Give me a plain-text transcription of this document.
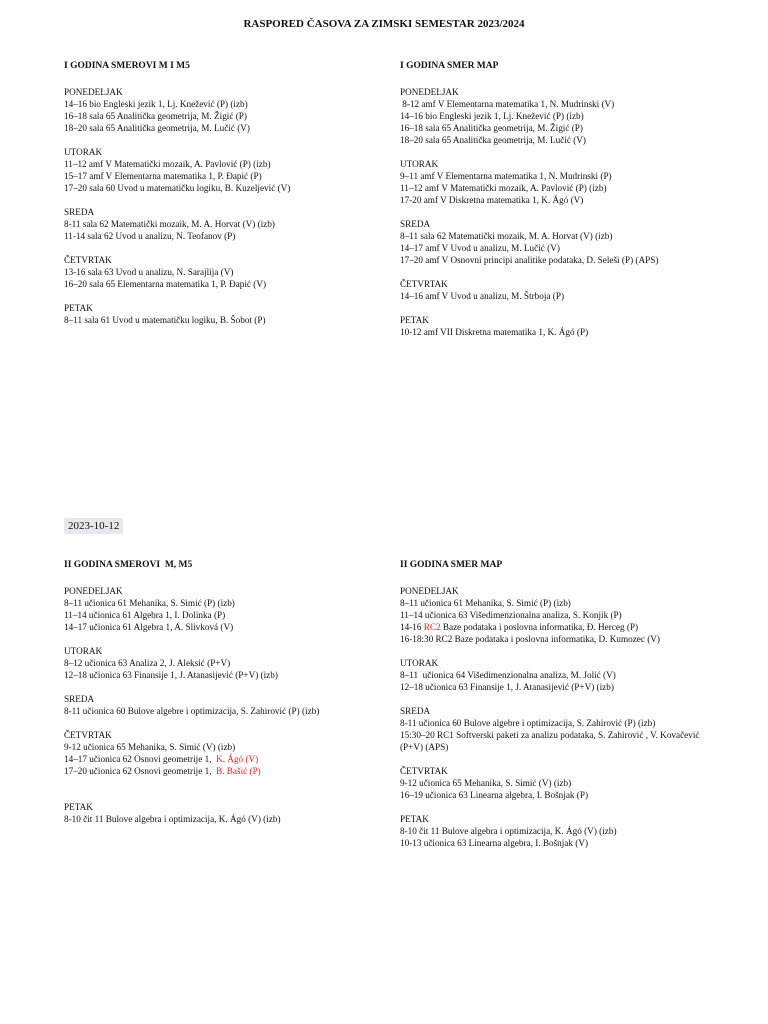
RASPORED ČASOVA ZA ZIMSKI SEMESTAR 2023/2024
I GODINA SMEROVI M I M5
PONEDELJAK
14–16 bio Engleski jezik 1, Lj. Knežević (P) (izb)
16–18 sala 65 Analitička geometrija, M. Žigić (P)
18–20 sala 65 Analitička geometrija, M. Lučić (V)
UTORAK
11–12 amf V Matematički mozaik, A. Pavlović (P) (izb)
15–17 amf V Elementarna matematika 1, P. Đapić (P)
17–20 sala 60 Uvod u matematičku logiku, B. Kuzeljević (V)
SREDA
8-11 sala 62 Matematički mozaik, M. A. Horvat (V) (izb)
11-14 sala 62 Uvod u analizu, N. Teofanov (P)
ČETVRTAK
13-16 sala 63 Uvod u analizu, N. Sarajlija (V)
16–20 sala 65 Elementarna matematika 1, P. Đapić (V)
PETAK
8–11 sala 61 Uvod u matematičku logiku, B. Šobot (P)
I GODINA SMER MAP
PONEDELJAK
8-12 amf V Elementarna matematika 1, N. Mudrinski (V)
14–16 bio Engleski jezik 1, Lj. Knežević (P) (izb)
16–18 sala 65 Analitička geometrija, M. Žigić (P)
18–20 sala 65 Analitička geometrija, M. Lučić (V)
UTORAK
9–11 amf V Elementarna matematika 1, N. Mudrinski (P)
11–12 amf V Matematički mozaik, A. Pavlović (P) (izb)
17-20 amf V Diskretna matematika 1, K. Ágó (V)
SREDA
8–11 sala 62 Matematički mozaik, M. A. Horvat (V) (izb)
14–17 amf V Uvod u analizu, M. Lučić (V)
17–20 amf V Osnovni principi analitike podataka, D. Seleši (P) (APS)
ČETVRTAK
14–16 amf V Uvod u analizu, M. Štrboja (P)
PETAK
10-12 amf VII Diskretna matematika 1, K. Ágó (P)
2023-10-12
II GODINA SMEROVI  M, M5
PONEDELJAK
8–11 učionica 61 Mehanika, S. Simić (P) (izb)
11–14 učionica 61 Algebra 1, I. Dolinka (P)
14–17 učionica 61 Algebra 1, A. Slivková (V)
UTORAK
8–12 učionica 63 Analiza 2, J. Aleksić (P+V)
12–18 učionica 63 Finansije 1, J. Atanasijević (P+V) (izb)
SREDA
8-11 učionica 60 Bulove algebre i optimizacija, S. Zahirović (P) (izb)
ČETVRTAK
9-12 učionica 65 Mehanika, S. Simić (V) (izb)
14–17 učionica 62 Osnovi geometrije 1,  K. Ágó (V)
17–20 učionica 62 Osnovi geometrije 1,  B. Bašić (P)
PETAK
8-10 čit 11 Bulove algebra i optimizacija, K. Ágó (V) (izb)
II GODINA SMER MAP
PONEDELJAK
8–11 učionica 61 Mehanika, S. Simić (P) (izb)
11–14 učionica 63 Višedimenzionalna analiza, S. Konjik (P)
14-16 RC2 Baze podataka i poslovna informatika, Đ. Herceg (P)
16-18:30 RC2 Baze podataka i poslovna informatika, D. Kumozec (V)
UTORAK
8–11  učionica 64 Višedimenzionalna analiza, M. Jolić (V)
12–18 učionica 63 Finansije 1, J. Atanasijević (P+V) (izb)
SREDA
8-11 učionica 60 Bulove algebre i optimizacija, S. Zahirović (P) (izb)
15:30–20 RC1 Softverski paketi za analizu podataka, S. Zahirović , V. Kovačević (P+V) (APS)
ČETVRTAK
9-12 učionica 65 Mehanika, S. Simić (V) (izb)
16–19 učionica 63 Linearna algebra, I. Bošnjak (P)
PETAK
8-10 čit 11 Bulove algebra i optimizacija, K. Ágó (V) (izb)
10-13 učionica 63 Linearna algebra, I. Bošnjak (V)
